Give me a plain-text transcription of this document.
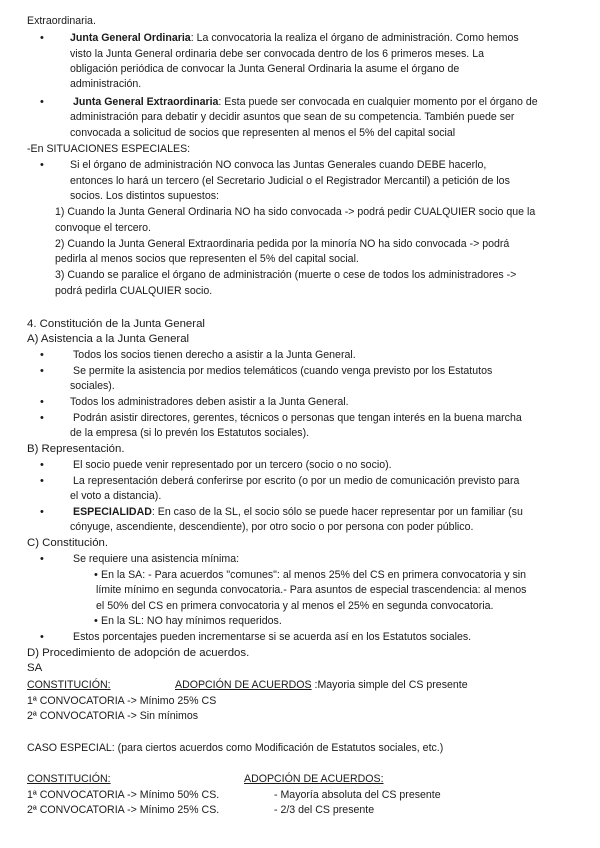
Extraordinaria.
• Junta General Ordinaria: La convocatoria la realiza el órgano de administración. Como hemos
visto la Junta General ordinaria debe ser convocada dentro de los 6 primeros meses. La
obligación periódica de convocar la Junta General Ordinaria la asume el órgano de
administración.
•	Junta General Extraordinaria: Esta puede ser convocada en cualquier momento por el órgano de
administración para debatir y decidir asuntos que sean de su competencia. También puede ser
convocada a solicitud de socios que representen al menos el 5% del capital social
-En SITUACIONES ESPECIALES:
• Si el órgano de administración NO convoca las Juntas Generales cuando DEBE hacerlo,
entonces lo hará un tercero (el Secretario Judicial o el Registrador Mercantil) a petición de los
socios. Los distintos supuestos:
1) Cuando la Junta General Ordinaria NO ha sido convocada -> podrá pedir CUALQUIER socio que la
convoque el tercero.
2) Cuando la Junta General Extraordinaria pedida por la minoría NO ha sido convocada -> podrá
pedirla al menos socios que representen el 5% del capital social.
3) Cuando se paralice el órgano de administración (muerte o cese de todos los administradores ->
podrá pedirla CUALQUIER socio.
4. Constitución de la Junta General
A) Asistencia a la Junta General
•	Todos los socios tienen derecho a asistir a la Junta General.
•	Se permite la asistencia por medios telemáticos (cuando venga previsto por los Estatutos
sociales).
• Todos los administradores deben asistir a la Junta General.
•	Podrán asistir directores, gerentes, técnicos o personas que tengan interés en la buena marcha
de la empresa (si lo prevén los Estatutos sociales).
B) Representación.
•	El socio puede venir representado por un tercero (socio o no socio).
•	La representación deberá conferirse por escrito (o por un medio de comunicación previsto para
el voto a distancia).
•	ESPECIALIDAD: En caso de la SL, el socio sólo se puede hacer representar por un familiar (su
cónyuge, ascendiente, descendiente), por otro socio o por persona con poder público.
C) Constitución.
•	Se requiere una asistencia mínima:
• En la SA: - Para acuerdos "comunes": al menos 25% del CS en primera convocatoria y sin
límite mínimo en segunda convocatoria.- Para asuntos de especial trascendencia: al menos
el 50% del CS en primera convocatoria y al menos el 25% en segunda convocatoria.
• En la SL: NO hay mínimos requeridos.
•	Estos porcentajes pueden incrementarse si se acuerda así en los Estatutos sociales.
D) Procedimiento de adopción de acuerdos.
SA
CONSTITUCIÓN:	ADOPCIÓN DE ACUERDOS :Mayoria simple del CS presente
1ª CONVOCATORIA -> Mínimo 25% CS
2ª CONVOCATORIA -> Sin mínimos
CASO ESPECIAL: (para ciertos acuerdos como Modificación de Estatutos sociales, etc.)
CONSTITUCIÓN:	ADOPCIÓN DE ACUERDOS:
1ª CONVOCATORIA -> Mínimo 50% CS.	- Mayoría absoluta del CS presente
2ª CONVOCATORIA -> Mínimo 25% CS.	- 2/3 del CS presente
